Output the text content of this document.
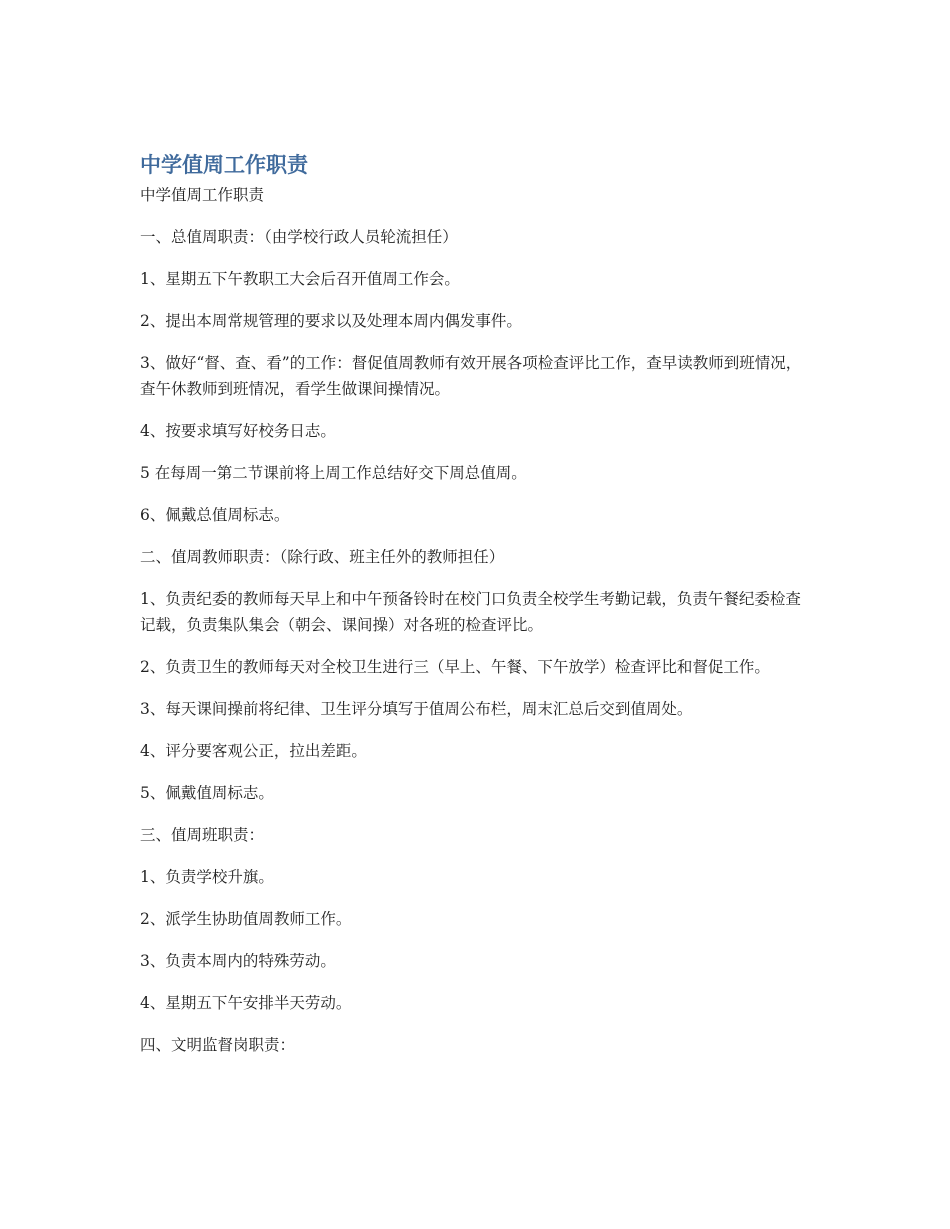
中学值周工作职责

中学值周工作职责

一、总值周职责：（由学校行政人员轮流担任）

1、星期五下午教职工大会后召开值周工作会。

2、提出本周常规管理的要求以及处理本周内偶发事件。

3、做好“督、查、看”的工作：督促值周教师有效开展各项检查评比工作，查早读教师到班情况，查午休教师到班情况，看学生做课间操情况。

4、按要求填写好校务日志。

5 在每周一第二节课前将上周工作总结好交下周总值周。

6、佩戴总值周标志。

二、值周教师职责：（除行政、班主任外的教师担任）

1、负责纪委的教师每天早上和中午预备铃时在校门口负责全校学生考勤记载，负责午餐纪委检查记载，负责集队集会（朝会、课间操）对各班的检查评比。

2、负责卫生的教师每天对全校卫生进行三（早上、午餐、下午放学）检查评比和督促工作。

3、每天课间操前将纪律、卫生评分填写于值周公布栏，周末汇总后交到值周处。

4、评分要客观公正，拉出差距。

5、佩戴值周标志。

三、值周班职责：

1、负责学校升旗。

2、派学生协助值周教师工作。

3、负责本周内的特殊劳动。

4、星期五下午安排半天劳动。

四、文明监督岗职责：
